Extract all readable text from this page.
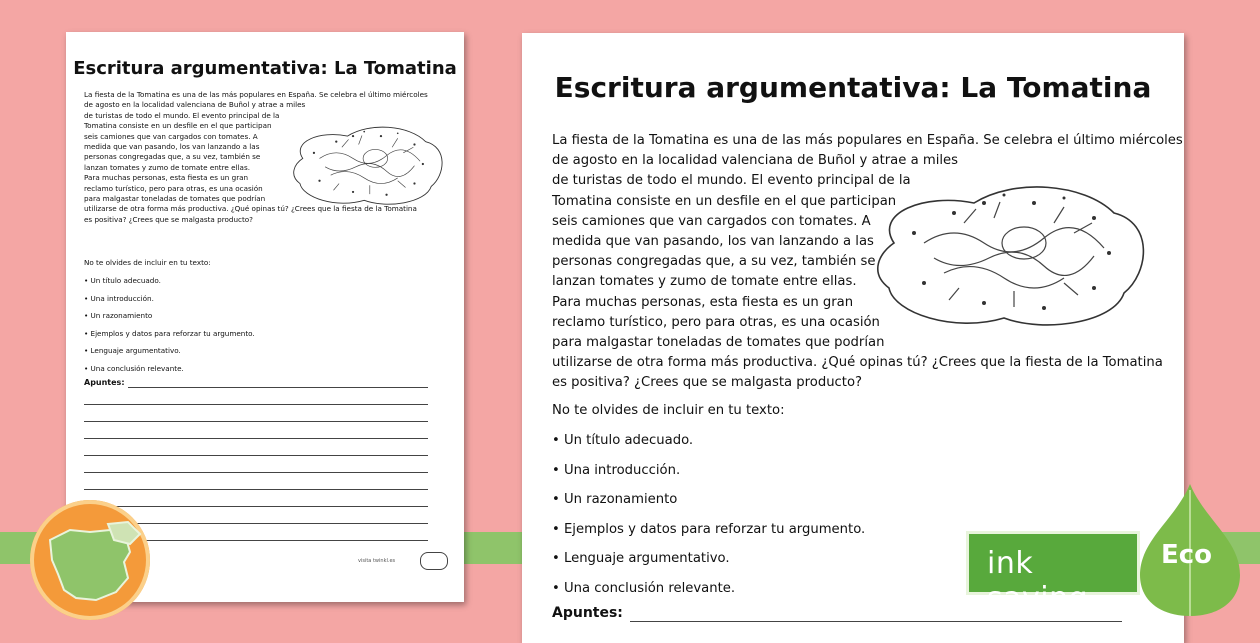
Escritura argumentativa: La Tomatina
La fiesta de la Tomatina es una de las más populares en España. Se celebra el último miércoles
de agosto en la localidad valenciana de Buñol y atrae a miles
de turistas de todo el mundo. El evento principal de la
Tomatina consiste en un desfile en el que participan
seis camiones que van cargados con tomates. A
medida que van pasando, los van lanzando a las
personas congregadas que, a su vez, también se
lanzan tomates y zumo de tomate entre ellas.
Para muchas personas, esta fiesta es un gran
reclamo turístico, pero para otras, es una ocasión
para malgastar toneladas de tomates que podrían
utilizarse de otra forma más productiva. ¿Qué opinas tú? ¿Crees que la fiesta de la Tomatina
es positiva? ¿Crees que se malgasta producto?
No te olvides de incluir en tu texto:
• Un título adecuado.
• Una introducción.
• Un razonamiento
• Ejemplos y datos para reforzar tu argumento.
• Lenguaje argumentativo.
• Una conclusión relevante.
Apuntes:
visita twinkl.es
Escritura argumentativa: La Tomatina
La fiesta de la Tomatina es una de las más populares en España. Se celebra el último miércoles
de agosto en la localidad valenciana de Buñol y atrae a miles
de turistas de todo el mundo. El evento principal de la
Tomatina consiste en un desfile en el que participan
seis camiones que van cargados con tomates. A
medida que van pasando, los van lanzando a las
personas congregadas que, a su vez, también se
lanzan tomates y zumo de tomate entre ellas.
Para muchas personas, esta fiesta es un gran
reclamo turístico, pero para otras, es una ocasión
para malgastar toneladas de tomates que podrían
utilizarse de otra forma más productiva. ¿Qué opinas tú? ¿Crees que la fiesta de la Tomatina
es positiva? ¿Crees que se malgasta producto?
No te olvides de incluir en tu texto:
• Un título adecuado.
• Una introducción.
• Un razonamiento
• Ejemplos y datos para reforzar tu argumento.
• Lenguaje argumentativo.
• Una conclusión relevante.
Apuntes:
ink saving
Eco
